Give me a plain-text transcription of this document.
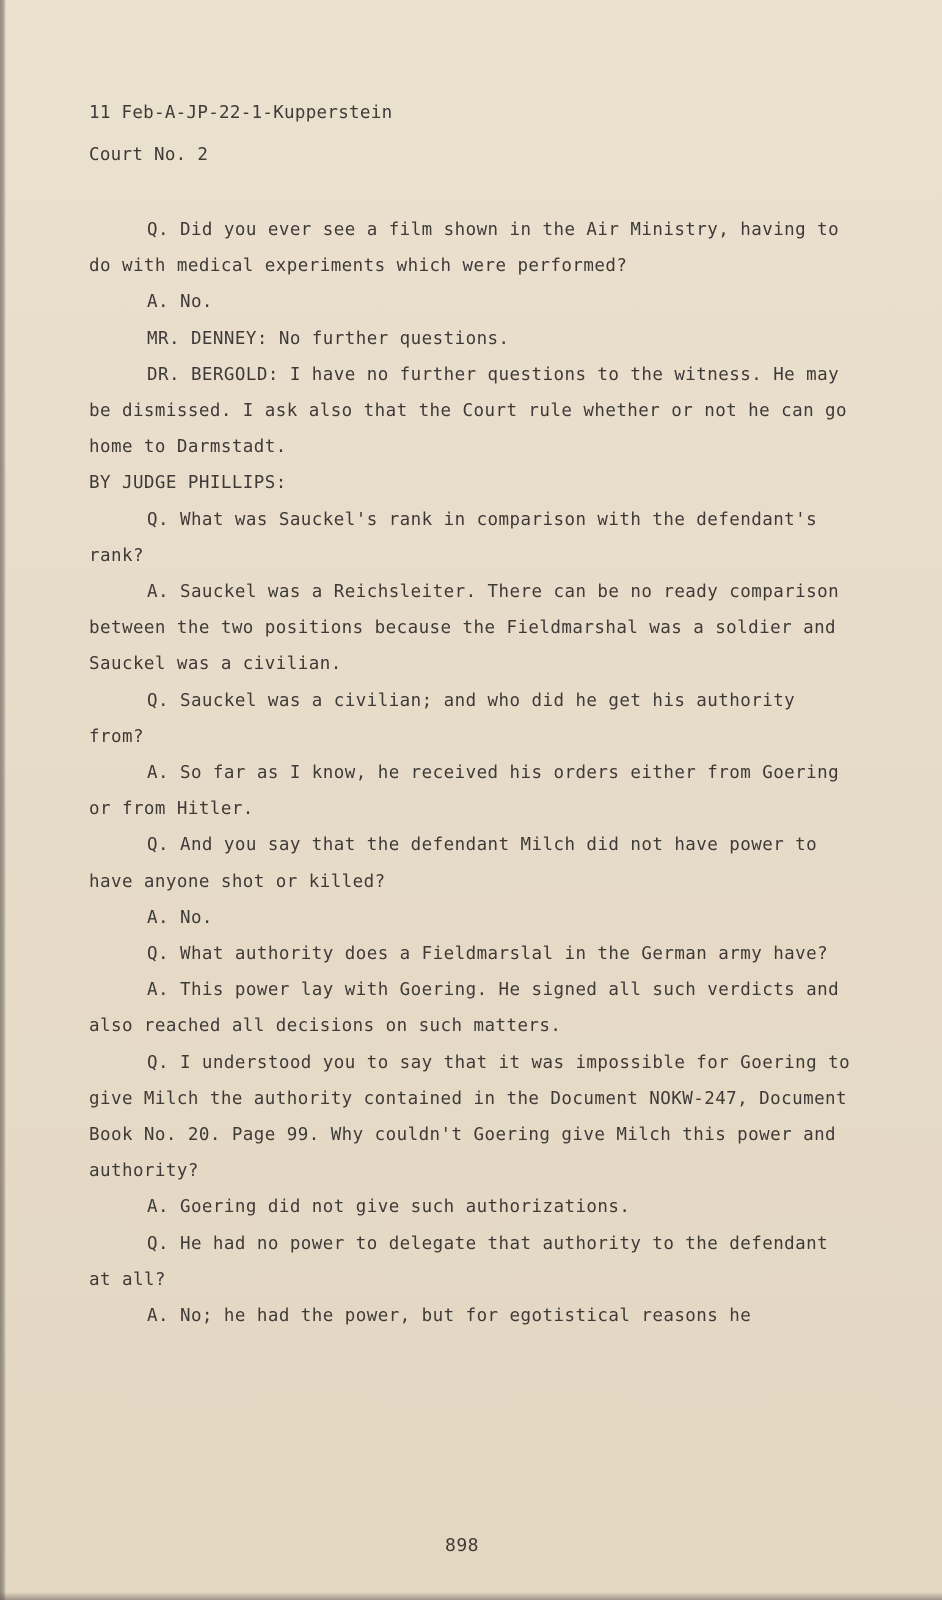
11 Feb-A-JP-22-1-Kupperstein
Court No. 2

Q. Did you ever see a film shown in the Air Ministry, having to do with medical experiments which were performed?

A. No.

MR. DENNEY: No further questions.

DR. BERGOLD: I have no further questions to the witness. He may be dismissed. I ask also that the Court rule whether or not he can go home to Darmstadt.

BY JUDGE PHILLIPS:

Q. What was Sauckel's rank in comparison with the defendant's rank?

A. Sauckel was a Reichsleiter. There can be no ready comparison between the two positions because the Fieldmarshal was a soldier and Sauckel was a civilian.

Q. Sauckel was a civilian; and who did he get his authority from?

A. So far as I know, he received his orders either from Goering or from Hitler.

Q. And you say that the defendant Milch did not have power to have anyone shot or killed?

A. No.

Q. What authority does a Fieldmarslal in the German army have?

A. This power lay with Goering. He signed all such verdicts and also reached all decisions on such matters.

Q. I understood you to say that it was impossible for Goering to give Milch the authority contained in the Document NOKW-247, Document Book No. 20. Page 99. Why couldn't Goering give Milch this power and authority?

A. Goering did not give such authorizations.

Q. He had no power to delegate that authority to the defendant at all?

A. No; he had the power, but for egotistical reasons he

898
